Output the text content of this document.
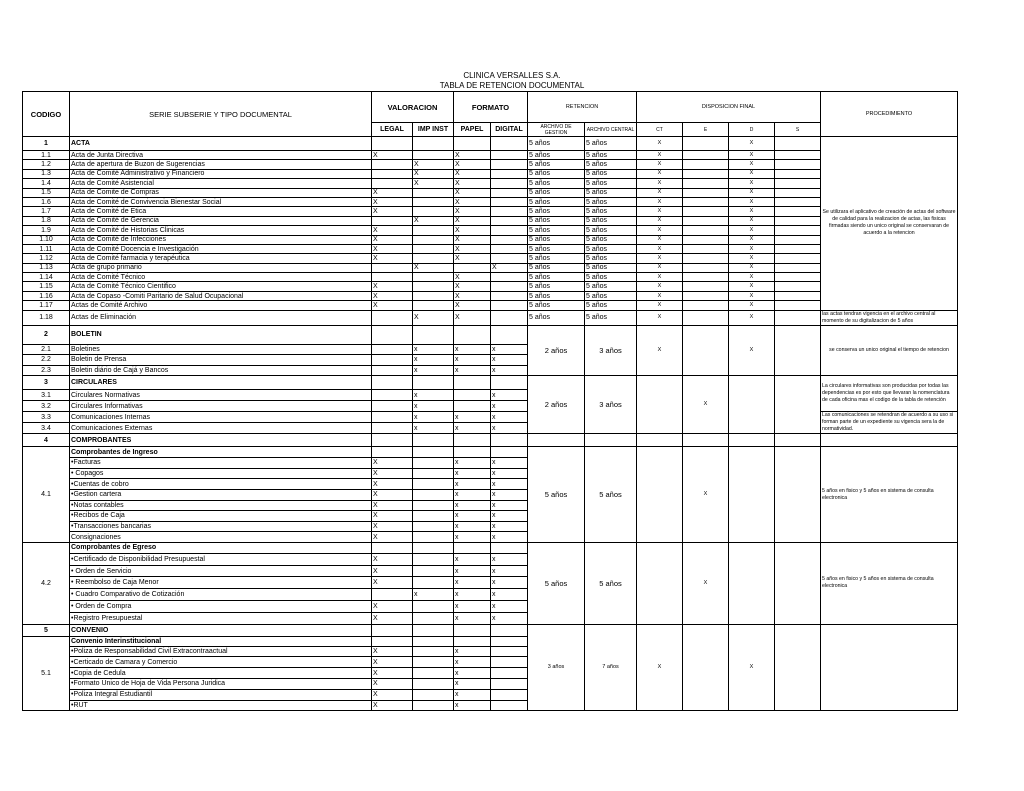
CLINICA VERSALLES S.A.
TABLA DE RETENCION DOCUMENTAL
CODIGO	SERIE SUBSERIE Y TIPO DOCUMENTAL	VALORACION		FORMATO		RETENCION		DISPOSICION FINAL				PROCEDIMIENTO
		LEGAL	IMP INST	PAPEL	DIGITAL	ARCHIVO DE GESTION	ARCHIVO CENTRAL	CT	E	D	S	
1	ACTA					5 años	5 años	X		X		Se utilizara el aplicativo de creación de actas del software de calidad para la realizacion de actas, las fisicas firmadas siendo un unico original se conservaran de acuerdo a la retencion
1.1	Acta de Junta Directiva	X		X		5 años	5 años	X		X		
1.2	Acta de apertura de Buzon de Sugerencias		X	X		5 años	5 años	X		X		
1.3	Acta de Comité Administrativo y Financiero		X	X		5 años	5 años	X		X		
1.4	Acta de Comité Asistencial		X	X		5 años	5 años	X		X		
1.5	Acta de Comite de Compras	X		X		5 años	5 años	X		X		
1.6	Acta de Comité de Convivencia Bienestar Social	X		X		5 años	5 años	X		X		
1.7	Acta de Comité de Etica	X		X		5 años	5 años	X		X		
1.8	Acta de Comité de Gerencia		X	X		5 años	5 años	X		X		
1.9	Acta de Comité de Historias Clinicas	X		X		5 años	5 años	X		X		
1.10	Acta de Comité de Infecciones	X		X		5 años	5 años	X		X		
1.11	Acta de Comité Docencia e Investigación	X		X		5 años	5 años	X		X		
1.12	Acta de Comité farmacia y terapéutica	X		X		5 años	5 años	X		X		
1.13	Acta de grupo primario		X		X	5 años	5 años	X		X		
1.14	Acta de Comité Técnico			X		5 años	5 años	X		X		
1.15	Acta de Comité Técnico Cientifico	X		X		5 años	5 años	X		X		
1.16	Acta de Copaso -Comiti Paritario de Salud Ocupacional	X		X		5 años	5 años	X		X		
1.17	Actas de Comité Archivo	X		X		5 años	5 años	X		X		
1.18	Actas de Eliminación		X	X		5 años	5 años	X		X		las actas tendran vigencia en el archivo central al momento de su digitalizacion de 5 años
2	BOLETIN					2 años	3 años	X		X		se conserva un unico original el tiempo de retencion
2.1	Boletines		x	x	x							
2.2	Boletin de Prensa		x	x	x							
2.3	Boletin diário de Cajá y Bancos		x	x	x							
3	CIRCULARES					2 años	3 años		X			La circulares informativas son producidas por todas las dependencias es por esto que llevaran la nomenclatura de cada oficina mas el codigo de la tabla de retención
3.1	Circulares Normativas		x		x							
3.2	Circulares Informativas		x		x							
3.3	Comunicaciones Internas		x	x	x							Las comunicaciones se retendran de acuerdo a su uso si forman parte de un expediente su vigencia sera la de normatividad.
3.4	Comunicaciones Externas		x	x	x							
4	COMPROBANTES											
4.1	Comprobantes de Ingreso					5 años	5 años		X			5 años en fisico y 5 años en sistema de consulta electronica
	•Facturas	X		x	x							
	• Copagos	X		x	x							
	•Cuentas de cobro	X		x	x							
	•Gestion cartera	X		x	x							
	•Notas contables	X		x	x							
	•Recibos de Caja	X		x	x							
	•Transacciones bancarias	X		x	x							
	Consignaciones	X		x	x							
4.2	Comprobantes de Egreso					5 años	5 años		X			5 años en fisico y 5 años en sistema de consulta electronica
	•Certificado de Disponibilidad Presupuestal	X		x	x							
	• Orden de Servicio	X		x	x							
	• Reembolso de Caja Menor	X		x	x							
	• Cuadro Comparativo de Cotización		x	x	x							
	• Orden de Compra	X		x	x							
	•Registro Presupuestal	X		x	x							
5	CONVENIO					3 años	7 años	X		X		
5.1	Convenio Interinstitucional											
	•Poliza de Responsabilidad Civil Extracontraactual	X		x								
	•Certicado de Camara y Comercio	X		x								
	•Copia de Cedula	X		x								
	•Formato Unico de Hoja de Vida Persona Juridica	X		x								
	•Poliza Integral Estudiantil	X		x								
	•RUT	X		x								
